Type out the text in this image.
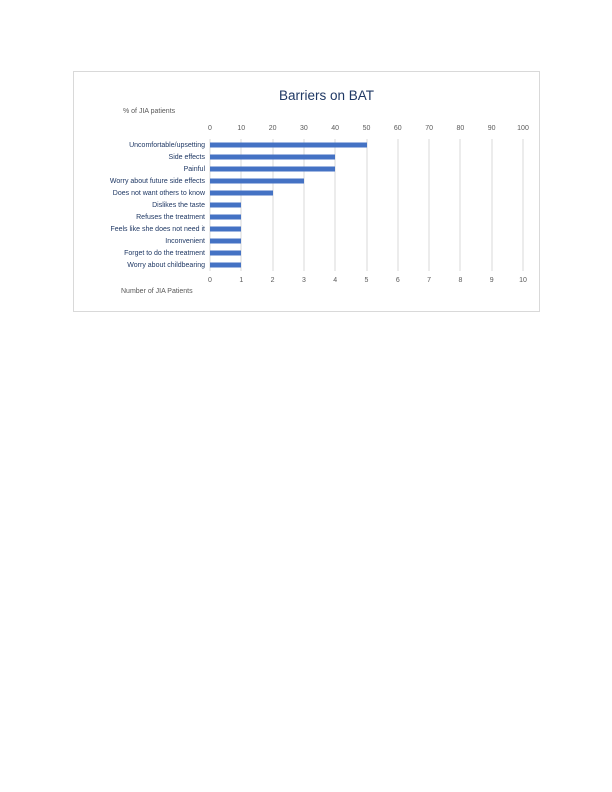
Barriers on BAT
% of JIA patients
0	10	20	30	40	50	60	70	80	90	100
Uncomfortable/upsetting
Side effects
Painful
Worry about future side effects
Does not want others to know
Dislikes the taste
Refuses the treatment
Feels like she does not need it
Inconvenient
Forget to do the treatment
Worry about childbearing
0	1	2	3	4	5	6	7	8	9	10
Number of JIA Patients
